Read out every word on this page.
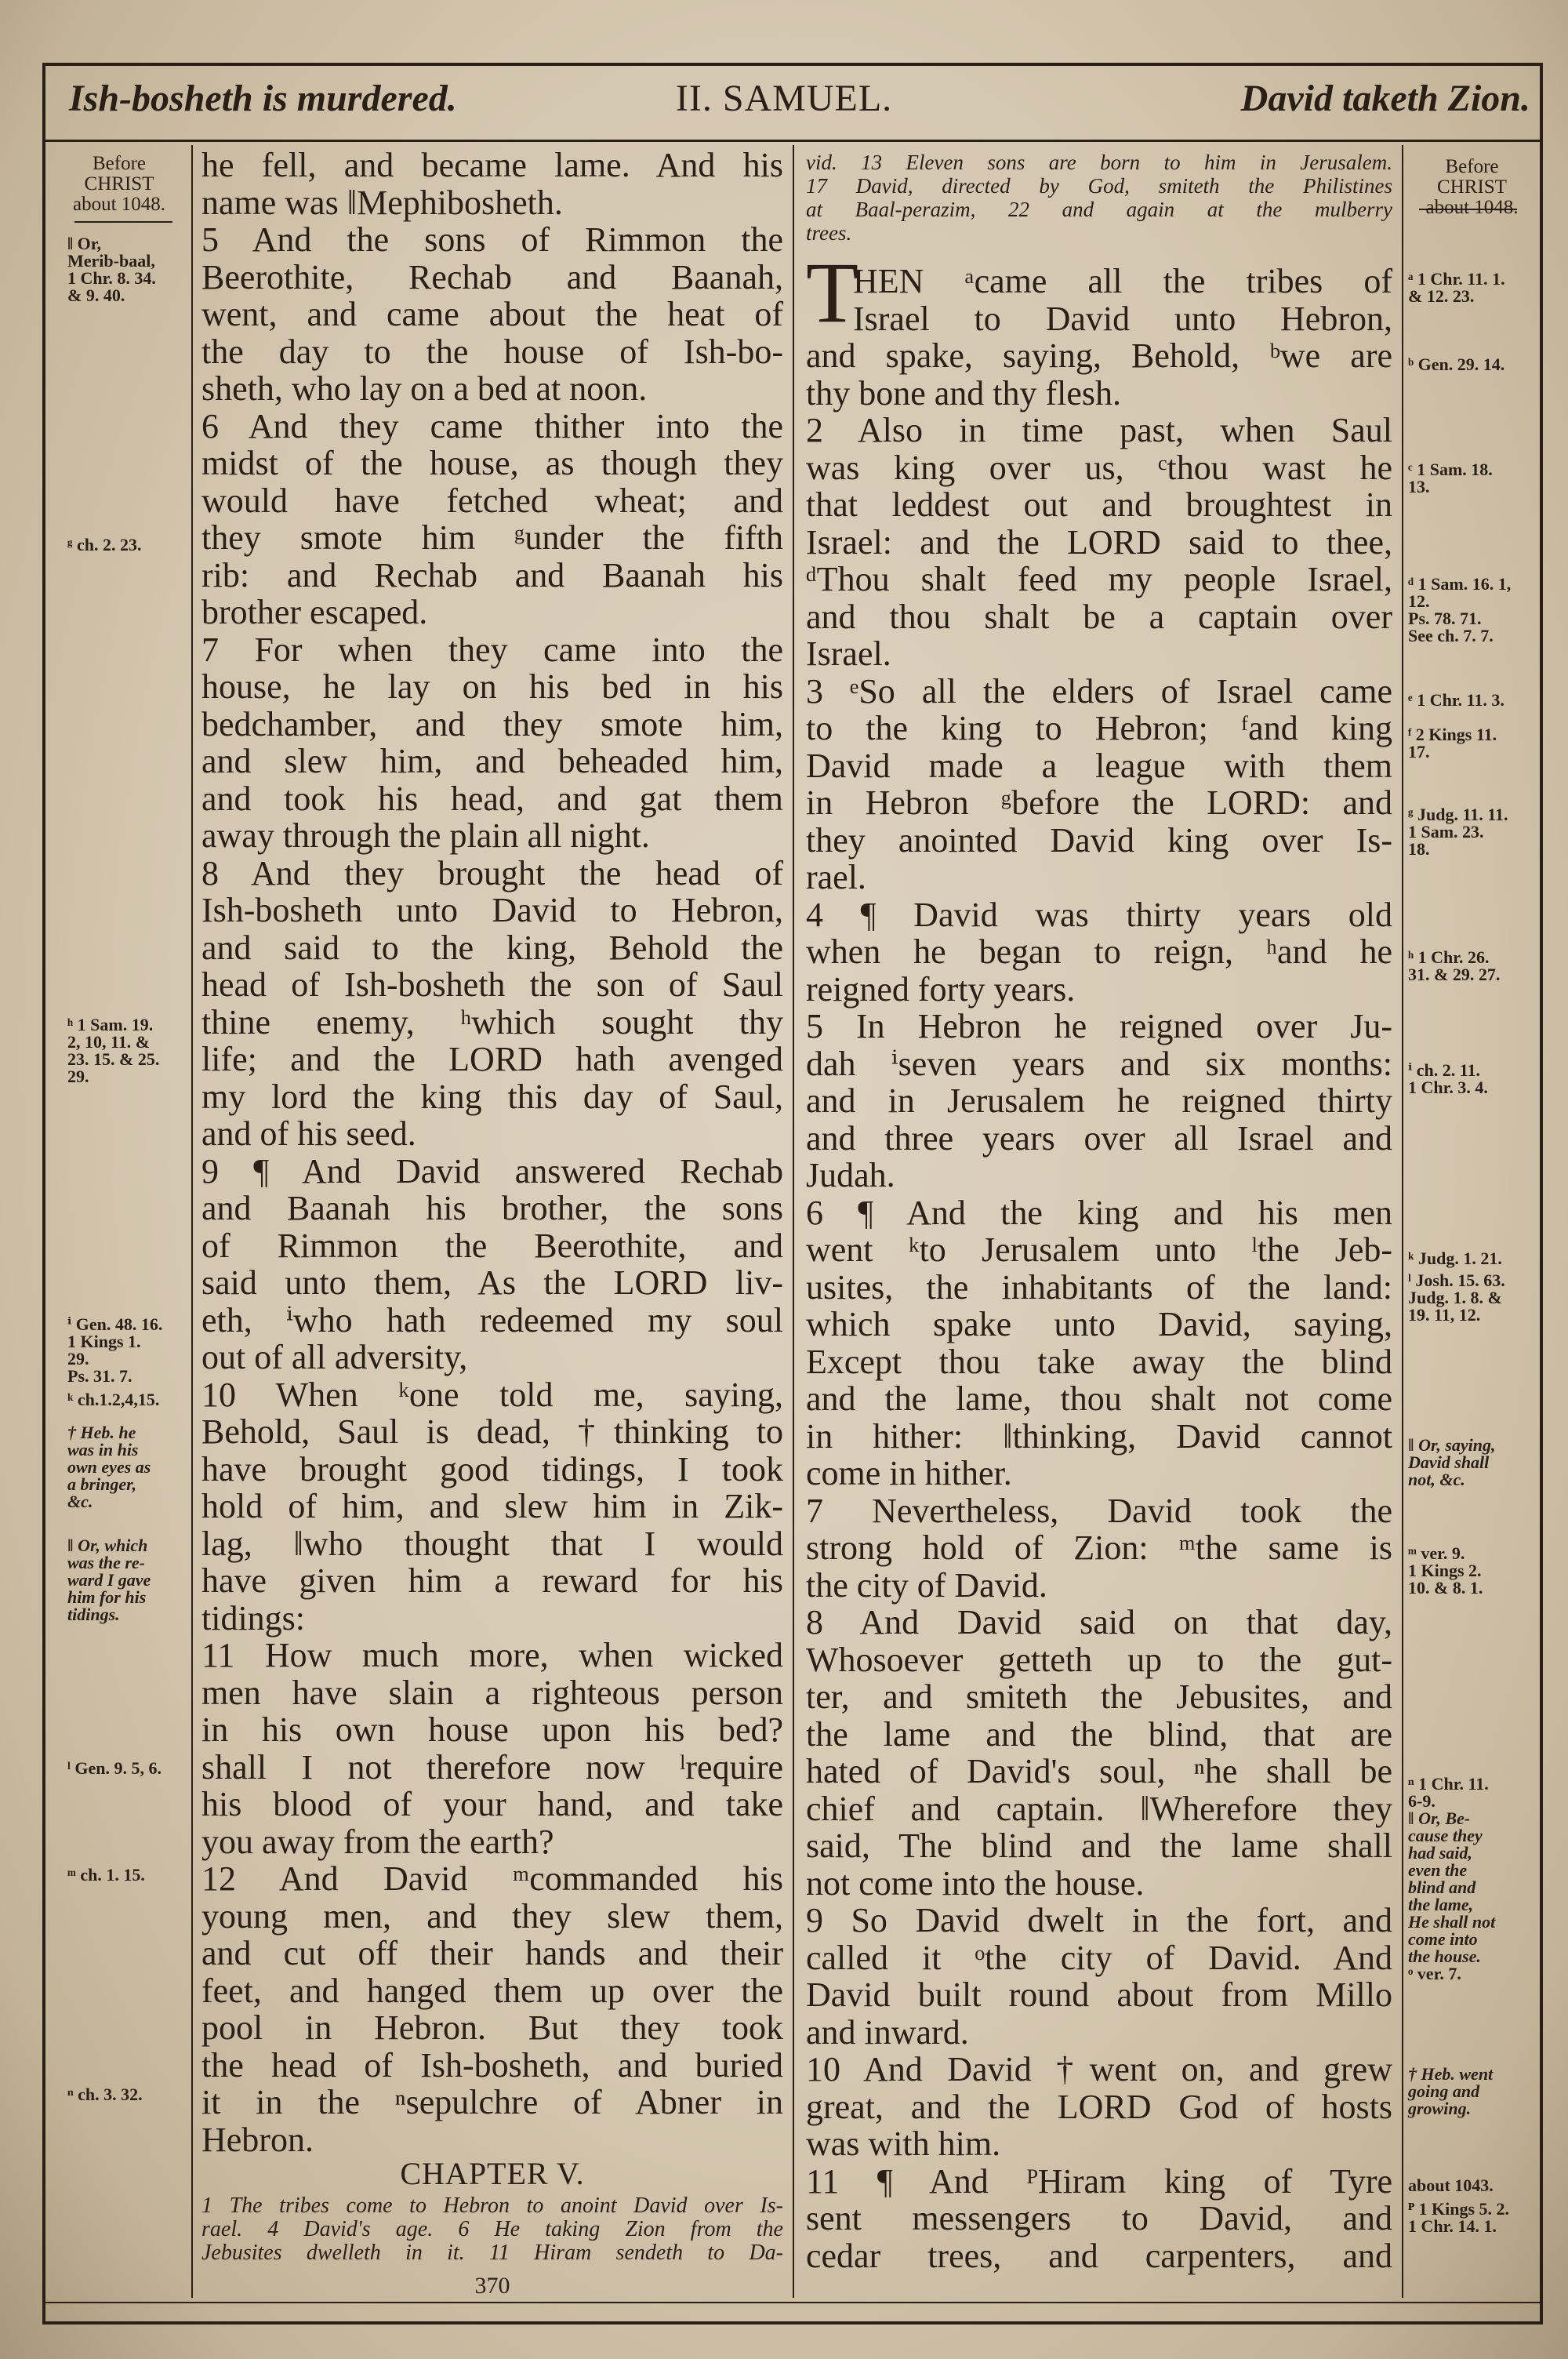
Ish-bosheth is murdered.	II. SAMUEL.	David taketh Zion.
Before
CHRIST
about 1048.
Before
CHRIST
about 1048.
‖ Or,
Merib-baal,
1 Chr. 8. 34.
& 9. 40.
ᵍ ch. 2. 23.
ʰ 1 Sam. 19.
2, 10, 11. &
23. 15. & 25.
29.
ⁱ Gen. 48. 16.
1 Kings 1.
29.
Ps. 31. 7.
ᵏ ch.1.2,4,15.
† Heb. he
was in his
own eyes as
a bringer,
&c.
‖ Or, which
was the re-
ward I gave
him for his
tidings.
ˡ Gen. 9. 5, 6.
ᵐ ch. 1. 15.
ⁿ ch. 3. 32.
ᵃ 1 Chr. 11. 1.
& 12. 23.
ᵇ Gen. 29. 14.
ᶜ 1 Sam. 18.
13.
ᵈ 1 Sam. 16. 1,
12.
Ps. 78. 71.
See ch. 7. 7.
ᵉ 1 Chr. 11. 3.
ᶠ 2 Kings 11.
17.
ᵍ Judg. 11. 11.
1 Sam. 23.
18.
ʰ 1 Chr. 26.
31. & 29. 27.
ⁱ ch. 2. 11.
1 Chr. 3. 4.
ᵏ Judg. 1. 21.
ˡ Josh. 15. 63.
Judg. 1. 8. &
19. 11, 12.
‖ Or, saying,
David shall
not, &c.
ᵐ ver. 9.
1 Kings 2.
10. & 8. 1.
ⁿ 1 Chr. 11.
6-9.
‖ Or, Be-
cause they
had said,
even the
blind and
the lame,
He shall not
come into
the house.
ᵒ ver. 7.
† Heb. went
going and
growing.
about 1043.
ᴾ 1 Kings 5. 2.
1 Chr. 14. 1.
he fell, and became lame. And his
name was ‖Mephibosheth.
5 And the sons of Rimmon the
Beerothite, Rechab and Baanah,
went, and came about the heat of
the day to the house of Ish-bo-
sheth, who lay on a bed at noon.
6 And they came thither into the
midst of the house, as though they
would have fetched wheat; and
they smote him ᵍunder the fifth
rib: and Rechab and Baanah his
brother escaped.
7 For when they came into the
house, he lay on his bed in his
bedchamber, and they smote him,
and slew him, and beheaded him,
and took his head, and gat them
away through the plain all night.
8 And they brought the head of
Ish-bosheth unto David to Hebron,
and said to the king, Behold the
head of Ish-bosheth the son of Saul
thine enemy, ʰwhich sought thy
life; and the LORD hath avenged
my lord the king this day of Saul,
and of his seed.
9 ¶ And David answered Rechab
and Baanah his brother, the sons
of Rimmon the Beerothite, and
said unto them, As the LORD liv-
eth, ⁱwho hath redeemed my soul
out of all adversity,
10 When ᵏone told me, saying,
Behold, Saul is dead, †thinking to
have brought good tidings, I took
hold of him, and slew him in Zik-
lag, ‖who thought that I would
have given him a reward for his
tidings:
11 How much more, when wicked
men have slain a righteous person
in his own house upon his bed?
shall I not therefore now ˡrequire
his blood of your hand, and take
you away from the earth?
12 And David ᵐcommanded his
young men, and they slew them,
and cut off their hands and their
feet, and hanged them up over the
pool in Hebron. But they took
the head of Ish-bosheth, and buried
it in the ⁿsepulchre of Abner in
Hebron.
HEN ᵃcame all the tribes of
Israel to David unto Hebron,
and spake, saying, Behold, ᵇwe are
thy bone and thy flesh.
2 Also in time past, when Saul
was king over us, ᶜthou wast he
that leddest out and broughtest in
Israel: and the LORD said to thee,
ᵈThou shalt feed my people Israel,
and thou shalt be a captain over
Israel.
3 ᵉSo all the elders of Israel came
to the king to Hebron; ᶠand king
David made a league with them
in Hebron ᵍbefore the LORD: and
they anointed David king over Is-
rael.
4 ¶ David was thirty years old
when he began to reign, ʰand he
reigned forty years.
5 In Hebron he reigned over Ju-
dah ⁱseven years and six months:
and in Jerusalem he reigned thirty
and three years over all Israel and
Judah.
6 ¶ And the king and his men
went ᵏto Jerusalem unto ˡthe Jeb-
usites, the inhabitants of the land:
which spake unto David, saying,
Except thou take away the blind
and the lame, thou shalt not come
in hither: ‖thinking, David cannot
come in hither.
7 Nevertheless, David took the
strong hold of Zion: ᵐthe same is
the city of David.
8 And David said on that day,
Whosoever getteth up to the gut-
ter, and smiteth the Jebusites, and
the lame and the blind, that are
hated of David's soul, ⁿhe shall be
chief and captain. ‖Wherefore they
said, The blind and the lame shall
not come into the house.
9 So David dwelt in the fort, and
called it ᵒthe city of David. And
David built round about from Millo
and inward.
10 And David †went on, and grew
great, and the LORD God of hosts
was with him.
11 ¶ And ᴾHiram king of Tyre
sent messengers to David, and
cedar trees, and carpenters, and
T
vid. 13 Eleven sons are born to him in Jerusalem.
17 David, directed by God, smiteth the Philistines
at Baal-perazim, 22 and again at the mulberry
trees.
CHAPTER V.
1 The tribes come to Hebron to anoint David over Is-
rael. 4 David's age. 6 He taking Zion from the
Jebusites dwelleth in it. 11 Hiram sendeth to Da-
370
